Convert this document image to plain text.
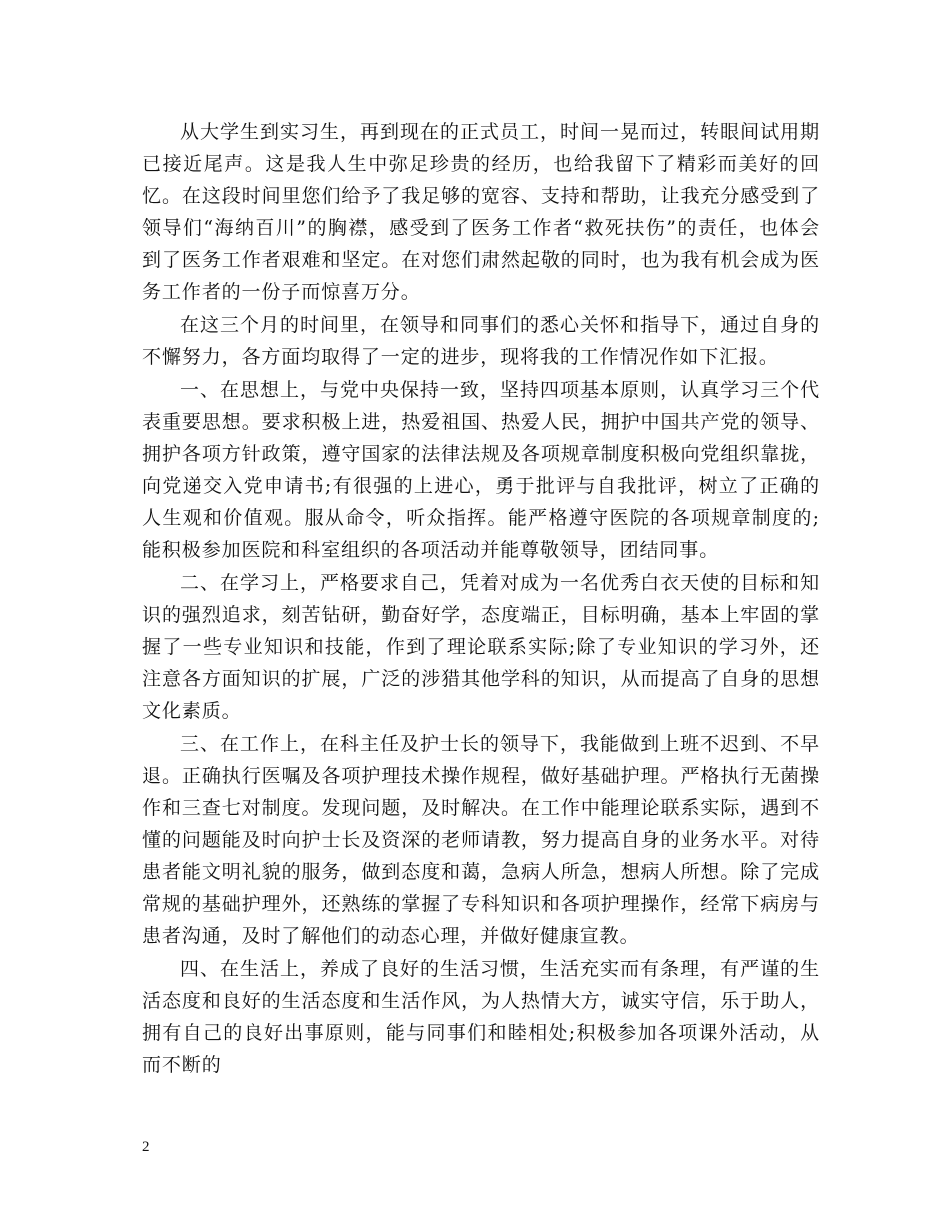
从大学生到实习生，再到现在的正式员工，时间一晃而过，转眼间试用期已接近尾声。这是我人生中弥足珍贵的经历，也给我留下了精彩而美好的回忆。在这段时间里您们给予了我足够的宽容、支持和帮助，让我充分感受到了领导们“海纳百川”的胸襟，感受到了医务工作者“救死扶伤”的责任，也体会到了医务工作者艰难和坚定。在对您们肃然起敬的同时，也为我有机会成为医务工作者的一份子而惊喜万分。

在这三个月的时间里，在领导和同事们的悉心关怀和指导下，通过自身的不懈努力，各方面均取得了一定的进步，现将我的工作情况作如下汇报。

一、在思想上，与党中央保持一致，坚持四项基本原则，认真学习三个代表重要思想。要求积极上进，热爱祖国、热爱人民，拥护中国共产党的领导、拥护各项方针政策，遵守国家的法律法规及各项规章制度积极向党组织靠拢，向党递交入党申请书;有很强的上进心，勇于批评与自我批评，树立了正确的人生观和价值观。服从命令，听众指挥。能严格遵守医院的各项规章制度的;能积极参加医院和科室组织的各项活动并能尊敬领导，团结同事。

二、在学习上，严格要求自己，凭着对成为一名优秀白衣天使的目标和知识的强烈追求，刻苦钻研，勤奋好学，态度端正，目标明确，基本上牢固的掌握了一些专业知识和技能，作到了理论联系实际;除了专业知识的学习外，还注意各方面知识的扩展，广泛的涉猎其他学科的知识，从而提高了自身的思想文化素质。

三、在工作上，在科主任及护士长的领导下，我能做到上班不迟到、不早退。正确执行医嘱及各项护理技术操作规程，做好基础护理。严格执行无菌操作和三查七对制度。发现问题，及时解决。在工作中能理论联系实际，遇到不懂的问题能及时向护士长及资深的老师请教，努力提高自身的业务水平。对待患者能文明礼貌的服务，做到态度和蔼，急病人所急，想病人所想。除了完成常规的基础护理外，还熟练的掌握了专科知识和各项护理操作，经常下病房与患者沟通，及时了解他们的动态心理，并做好健康宣教。

四、在生活上，养成了良好的生活习惯，生活充实而有条理，有严谨的生活态度和良好的生活态度和生活作风，为人热情大方，诚实守信，乐于助人，拥有自己的良好出事原则，能与同事们和睦相处;积极参加各项课外活动，从而不断的

2
